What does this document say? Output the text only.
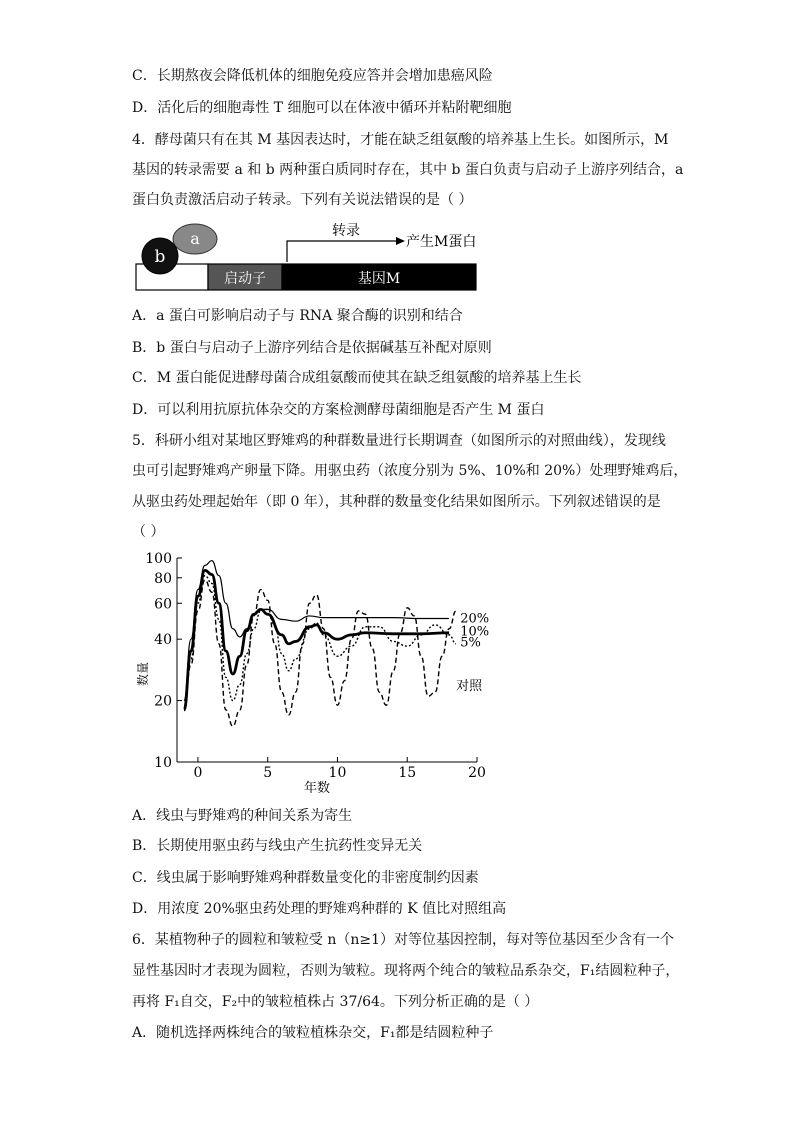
C．长期熬夜会降低机体的细胞免疫应答并会增加患癌风险
D．活化后的细胞毒性 T 细胞可以在体液中循环并粘附靶细胞
4．酵母菌只有在其 M 基因表达时，才能在缺乏组氨酸的培养基上生长。如图所示，M
基因的转录需要 a 和 b 两种蛋白质同时存在，其中 b 蛋白负责与启动子上游序列结合，a
蛋白负责激活启动子转录。下列有关说法错误的是（ ）
A．a 蛋白可影响启动子与 RNA 聚合酶的识别和结合
B．b 蛋白与启动子上游序列结合是依据碱基互补配对原则
C．M 蛋白能促进酵母菌合成组氨酸而使其在缺乏组氨酸的培养基上生长
D．可以利用抗原抗体杂交的方案检测酵母菌细胞是否产生 M 蛋白
5．科研小组对某地区野雉鸡的种群数量进行长期调查（如图所示的对照曲线），发现线
虫可引起野雉鸡产卵量下降。用驱虫药（浓度分别为 5%、10%和 20%）处理野雉鸡后，
从驱虫药处理起始年（即 0 年），其种群的数量变化结果如图所示。下列叙述错误的是
（ ）
A．线虫与野雉鸡的种间关系为寄生
B．长期使用驱虫药与线虫产生抗药性变异无关
C．线虫属于影响野雉鸡种群数量变化的非密度制约因素
D．用浓度 20%驱虫药处理的野雉鸡种群的 K 值比对照组高
6．某植物种子的圆粒和皱粒受 n（n≥1）对等位基因控制，每对等位基因至少含有一个
显性基因时才表现为圆粒，否则为皱粒。现将两个纯合的皱粒品系杂交，F₁结圆粒种子，
再将 F₁自交，F₂中的皱粒植株占 37/64。下列分析正确的是（ ）
A．随机选择两株纯合的皱粒植株杂交，F₁都是结圆粒种子
启动子	基因M
a
b
转录
产生M蛋白
10
20
40
60
80
100
0	5	10	15	20
年数
数量
20%
10%
5%
对照
